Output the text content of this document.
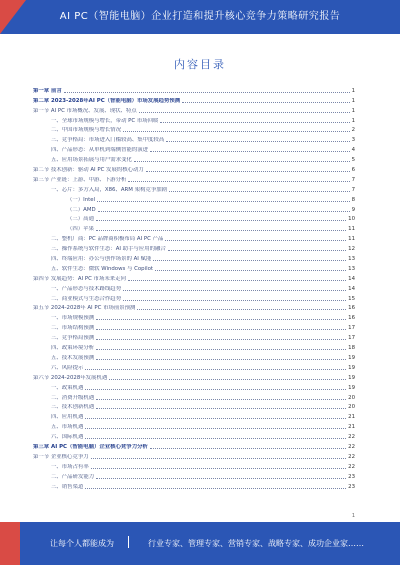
AI PC（智能电脑）企业打造和提升核心竞争力策略研究报告
内容目录
第一章 前言	1
第二章 2023-2028年AI PC（智能电脑）市场发展趋势预测	1
第一节 AI PC 市场概况、发展、现状、特点	1
一、全球市场规模与增长，带动 PC 市场回暖	1
二、中国市场规模与增长情况	2
三、竞争格局：市场进入门槛较高、集中度较高	3
四、产品形态：从单机到端侧智能的演进	4
五、应用场景拓展与用户需求变化	5
第二节 技术创新：驱动 AI PC 发展的核心动力	6
第三节 产业链：上游、中游、下游分析	7
一、芯片：多方入局，X86、ARM 架构竞争加剧	7
（一）Intel	8
（二）AMD	9
（三）高通	10
（四）苹果	11
二、整机厂商：PC 品牌商积极布局 AI PC 产品	11
三、操作系统与软件生态：AI 助手与应用的融合	12
四、终端应用：办公与创作场景的 AI 赋能	13
五、软件生态：微软 Windows 与 Copilot	13
第四节 发展趋势：AI PC 市场未来走向	14
一、产品形态与技术路线趋势	14
二、商业模式与生态合作趋势	15
第五节 2024-2028年 AI PC 市场前景预测	16
一、市场规模预测	16
二、市场结构预测	17
三、竞争格局预测	17
四、政策环境分析	18
五、技术发展预测	19
六、风险提示	19
第六节 2024-2028年发展机遇	19
一、政策机遇	19
二、消费升级机遇	20
三、技术创新机遇	20
四、应用机遇	21
五、市场机遇	21
六、国际机遇	22
第三章 AI PC（智能电脑）企业核心竞争力分析	22
第一节 企业核心竞争力	22
一、市场占有率	22
二、产品研发能力	23
三、销售渠道	23
1
让每个人都能成为	行业专家、管理专家、营销专家、战略专家、成功企业家……
